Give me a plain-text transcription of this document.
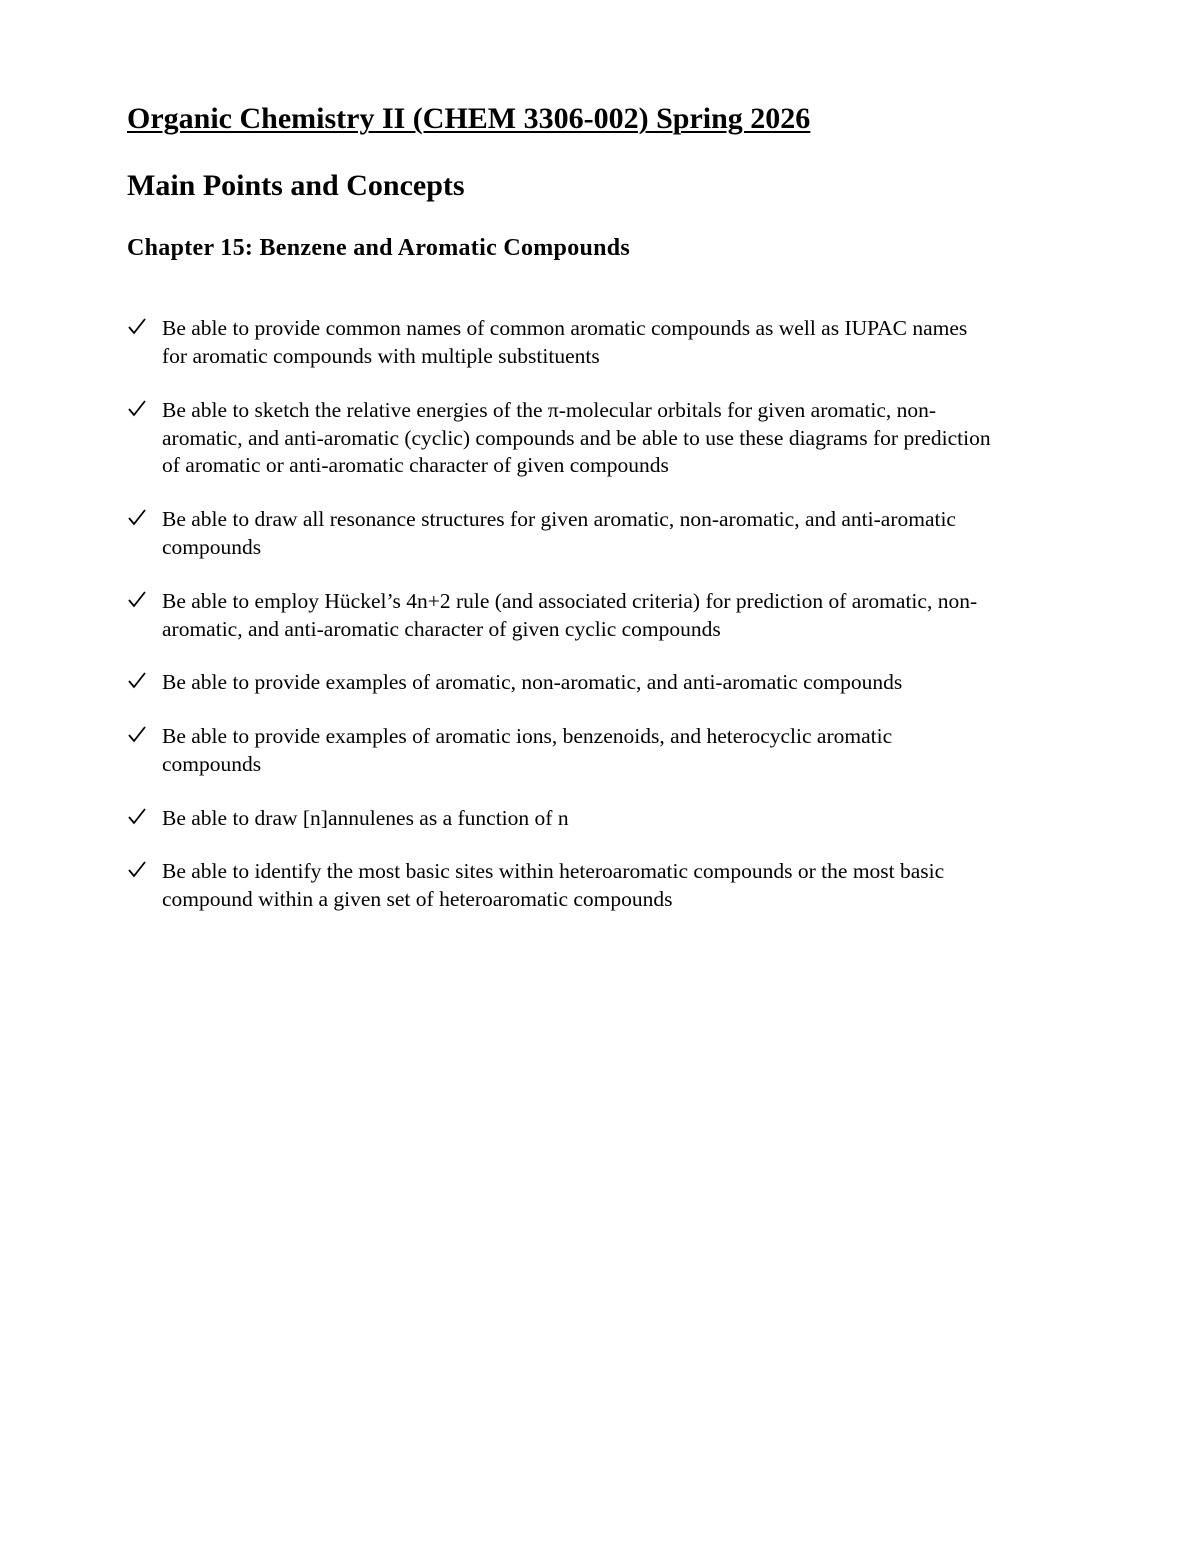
Organic Chemistry II (CHEM 3306-002) Spring 2026
Main Points and Concepts
Chapter 15: Benzene and Aromatic Compounds
Be able to provide common names of common aromatic compounds as well as IUPAC names
for aromatic compounds with multiple substituents
Be able to sketch the relative energies of the π-molecular orbitals for given aromatic, non-
aromatic, and anti-aromatic (cyclic) compounds and be able to use these diagrams for prediction
of aromatic or anti-aromatic character of given compounds
Be able to draw all resonance structures for given aromatic, non-aromatic, and anti-aromatic
compounds
Be able to employ Hückel’s 4n+2 rule (and associated criteria) for prediction of aromatic, non-
aromatic, and anti-aromatic character of given cyclic compounds
Be able to provide examples of aromatic, non-aromatic, and anti-aromatic compounds
Be able to provide examples of aromatic ions, benzenoids, and heterocyclic aromatic
compounds
Be able to draw [n]annulenes as a function of n
Be able to identify the most basic sites within heteroaromatic compounds or the most basic
compound within a given set of heteroaromatic compounds
